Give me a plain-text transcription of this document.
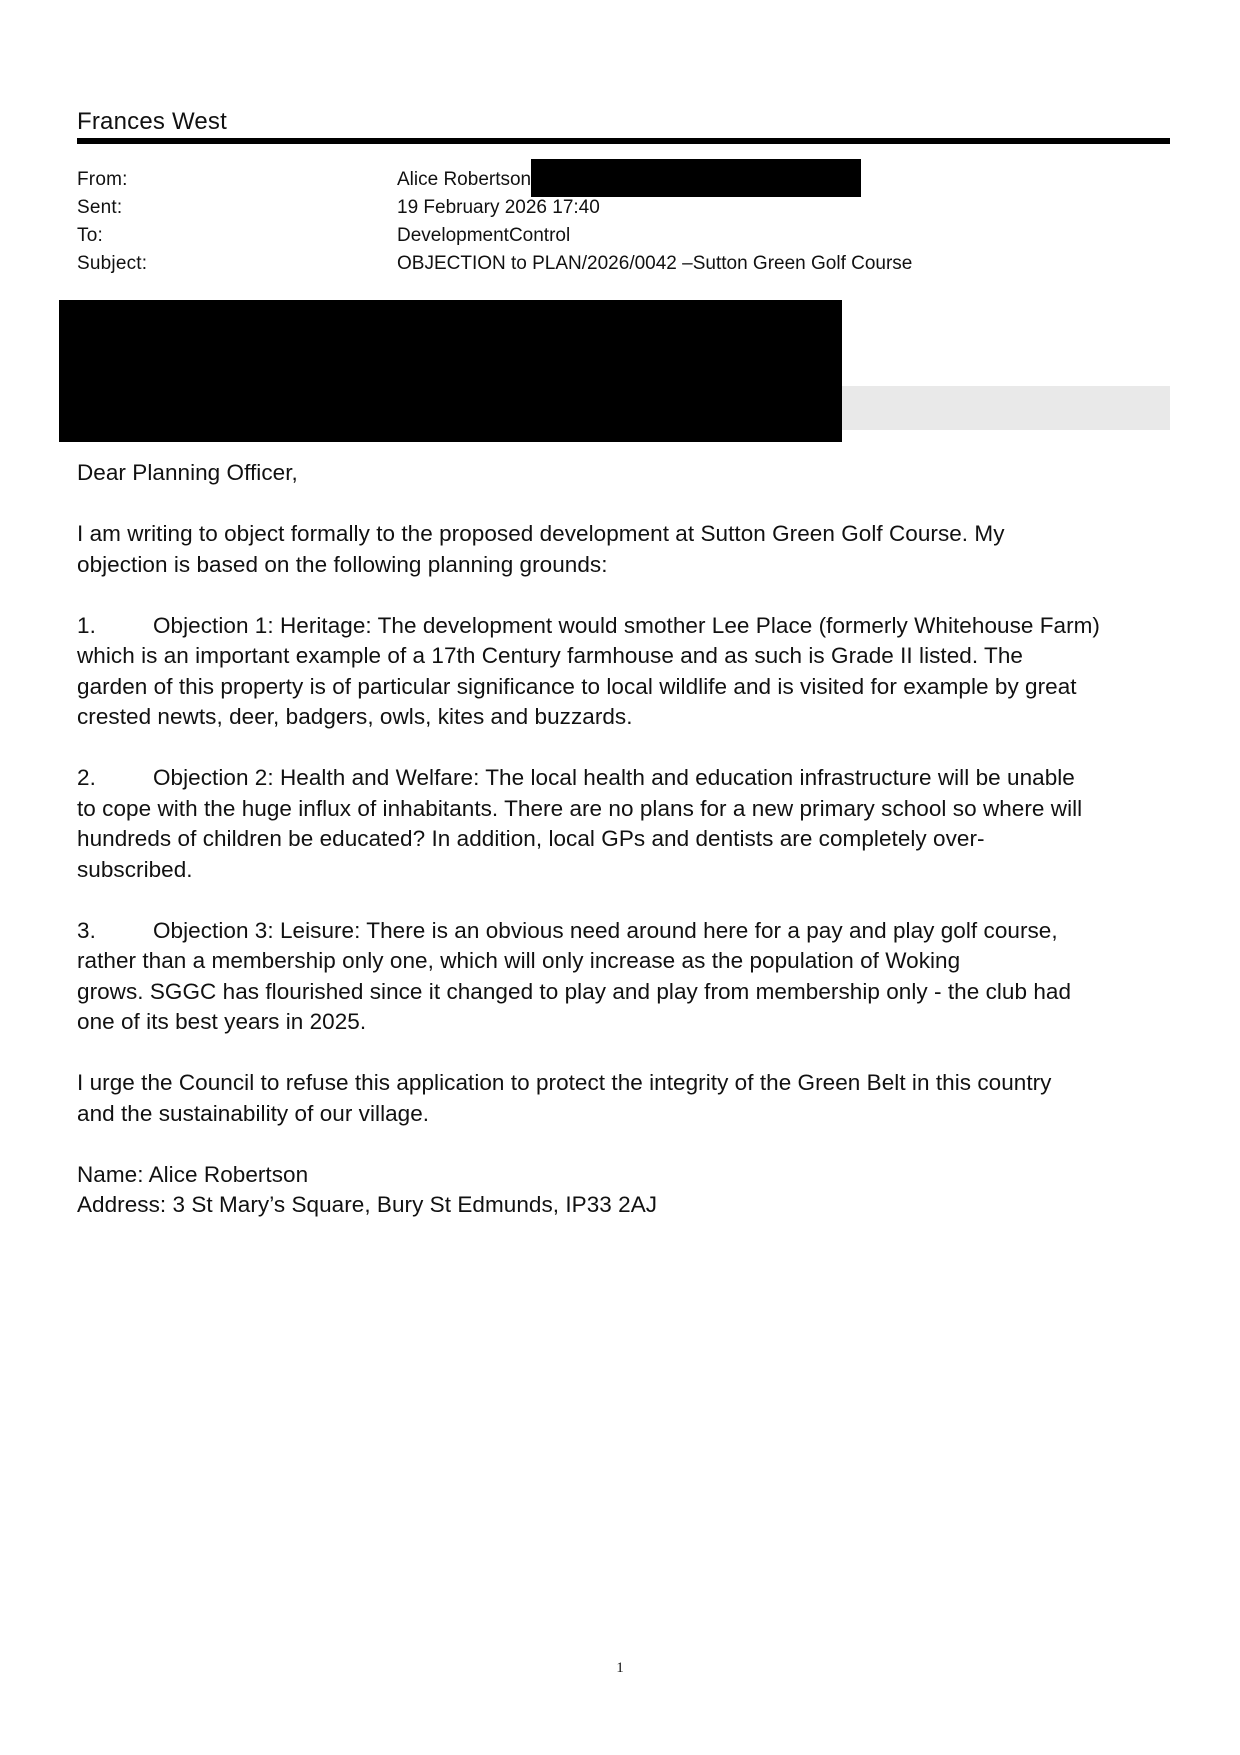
Frances West
From:	Alice Robertson
Sent:	19 February 2026 17:40
To:	DevelopmentControl
Subject:	OBJECTION to PLAN/2026/0042 –Sutton Green Golf Course

Dear Planning Officer,

I am writing to object formally to the proposed development at Sutton Green Golf Course. My
objection is based on the following planning grounds:

1.	Objection 1: Heritage: The development would smother Lee Place (formerly Whitehouse Farm)
which is an important example of a 17th Century farmhouse and as such is Grade II listed. The
garden of this property is of particular significance to local wildlife and is visited for example by great
crested newts, deer, badgers, owls, kites and buzzards.

2.	Objection 2: Health and Welfare: The local health and education infrastructure will be unable
to cope with the huge influx of inhabitants. There are no plans for a new primary school so where will
hundreds of children be educated? In addition, local GPs and dentists are completely over-
subscribed.

3.	Objection 3: Leisure: There is an obvious need around here for a pay and play golf course,
rather than a membership only one, which will only increase as the population of Woking
grows. SGGC has flourished since it changed to play and play from membership only - the club had
one of its best years in 2025.

I urge the Council to refuse this application to protect the integrity of the Green Belt in this country
and the sustainability of our village.

Name: Alice Robertson
Address: 3 St Mary’s Square, Bury St Edmunds, IP33 2AJ

1
